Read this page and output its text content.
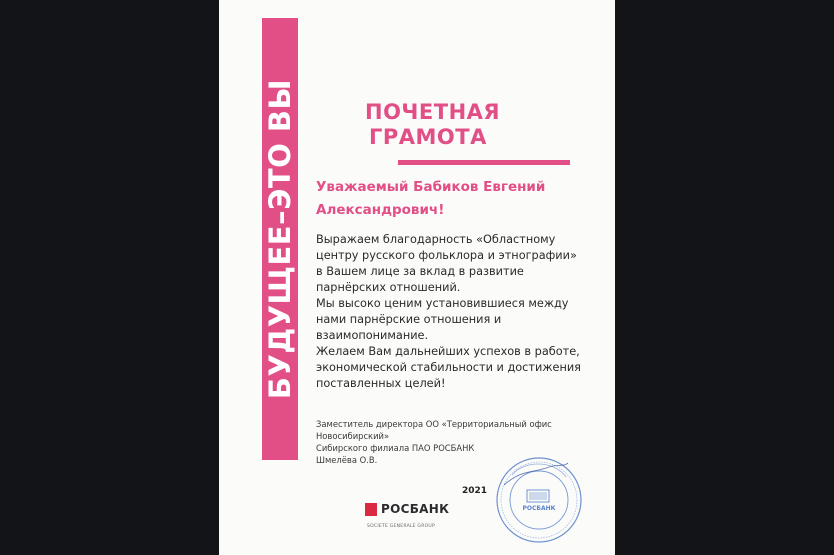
БУДУЩЕЕ–ЭТО ВЫ	ПОЧЕТНАЯ
ГРАМОТА
Уважаемый Бабиков Евгений Александрович!

Выражаем благодарность «Областному центру русского фольклора и этнографии» в Вашем лице за вклад в развитие парнёрских отношений.

Мы высоко ценим установившиеся между нами парнёрские отношения и взаимопонимание.

Желаем Вам дальнейших успехов в работе, экономической стабильности и достижения поставленных целей!

Заместитель директора ОО «Территориальный офис Новосибирский»
Сибирского филиала ПАО РОСБАНК
Шмелёва О.В.
2021
РОСБАНК
SOCIETE GENERALE GROUP
РОСБАНК
